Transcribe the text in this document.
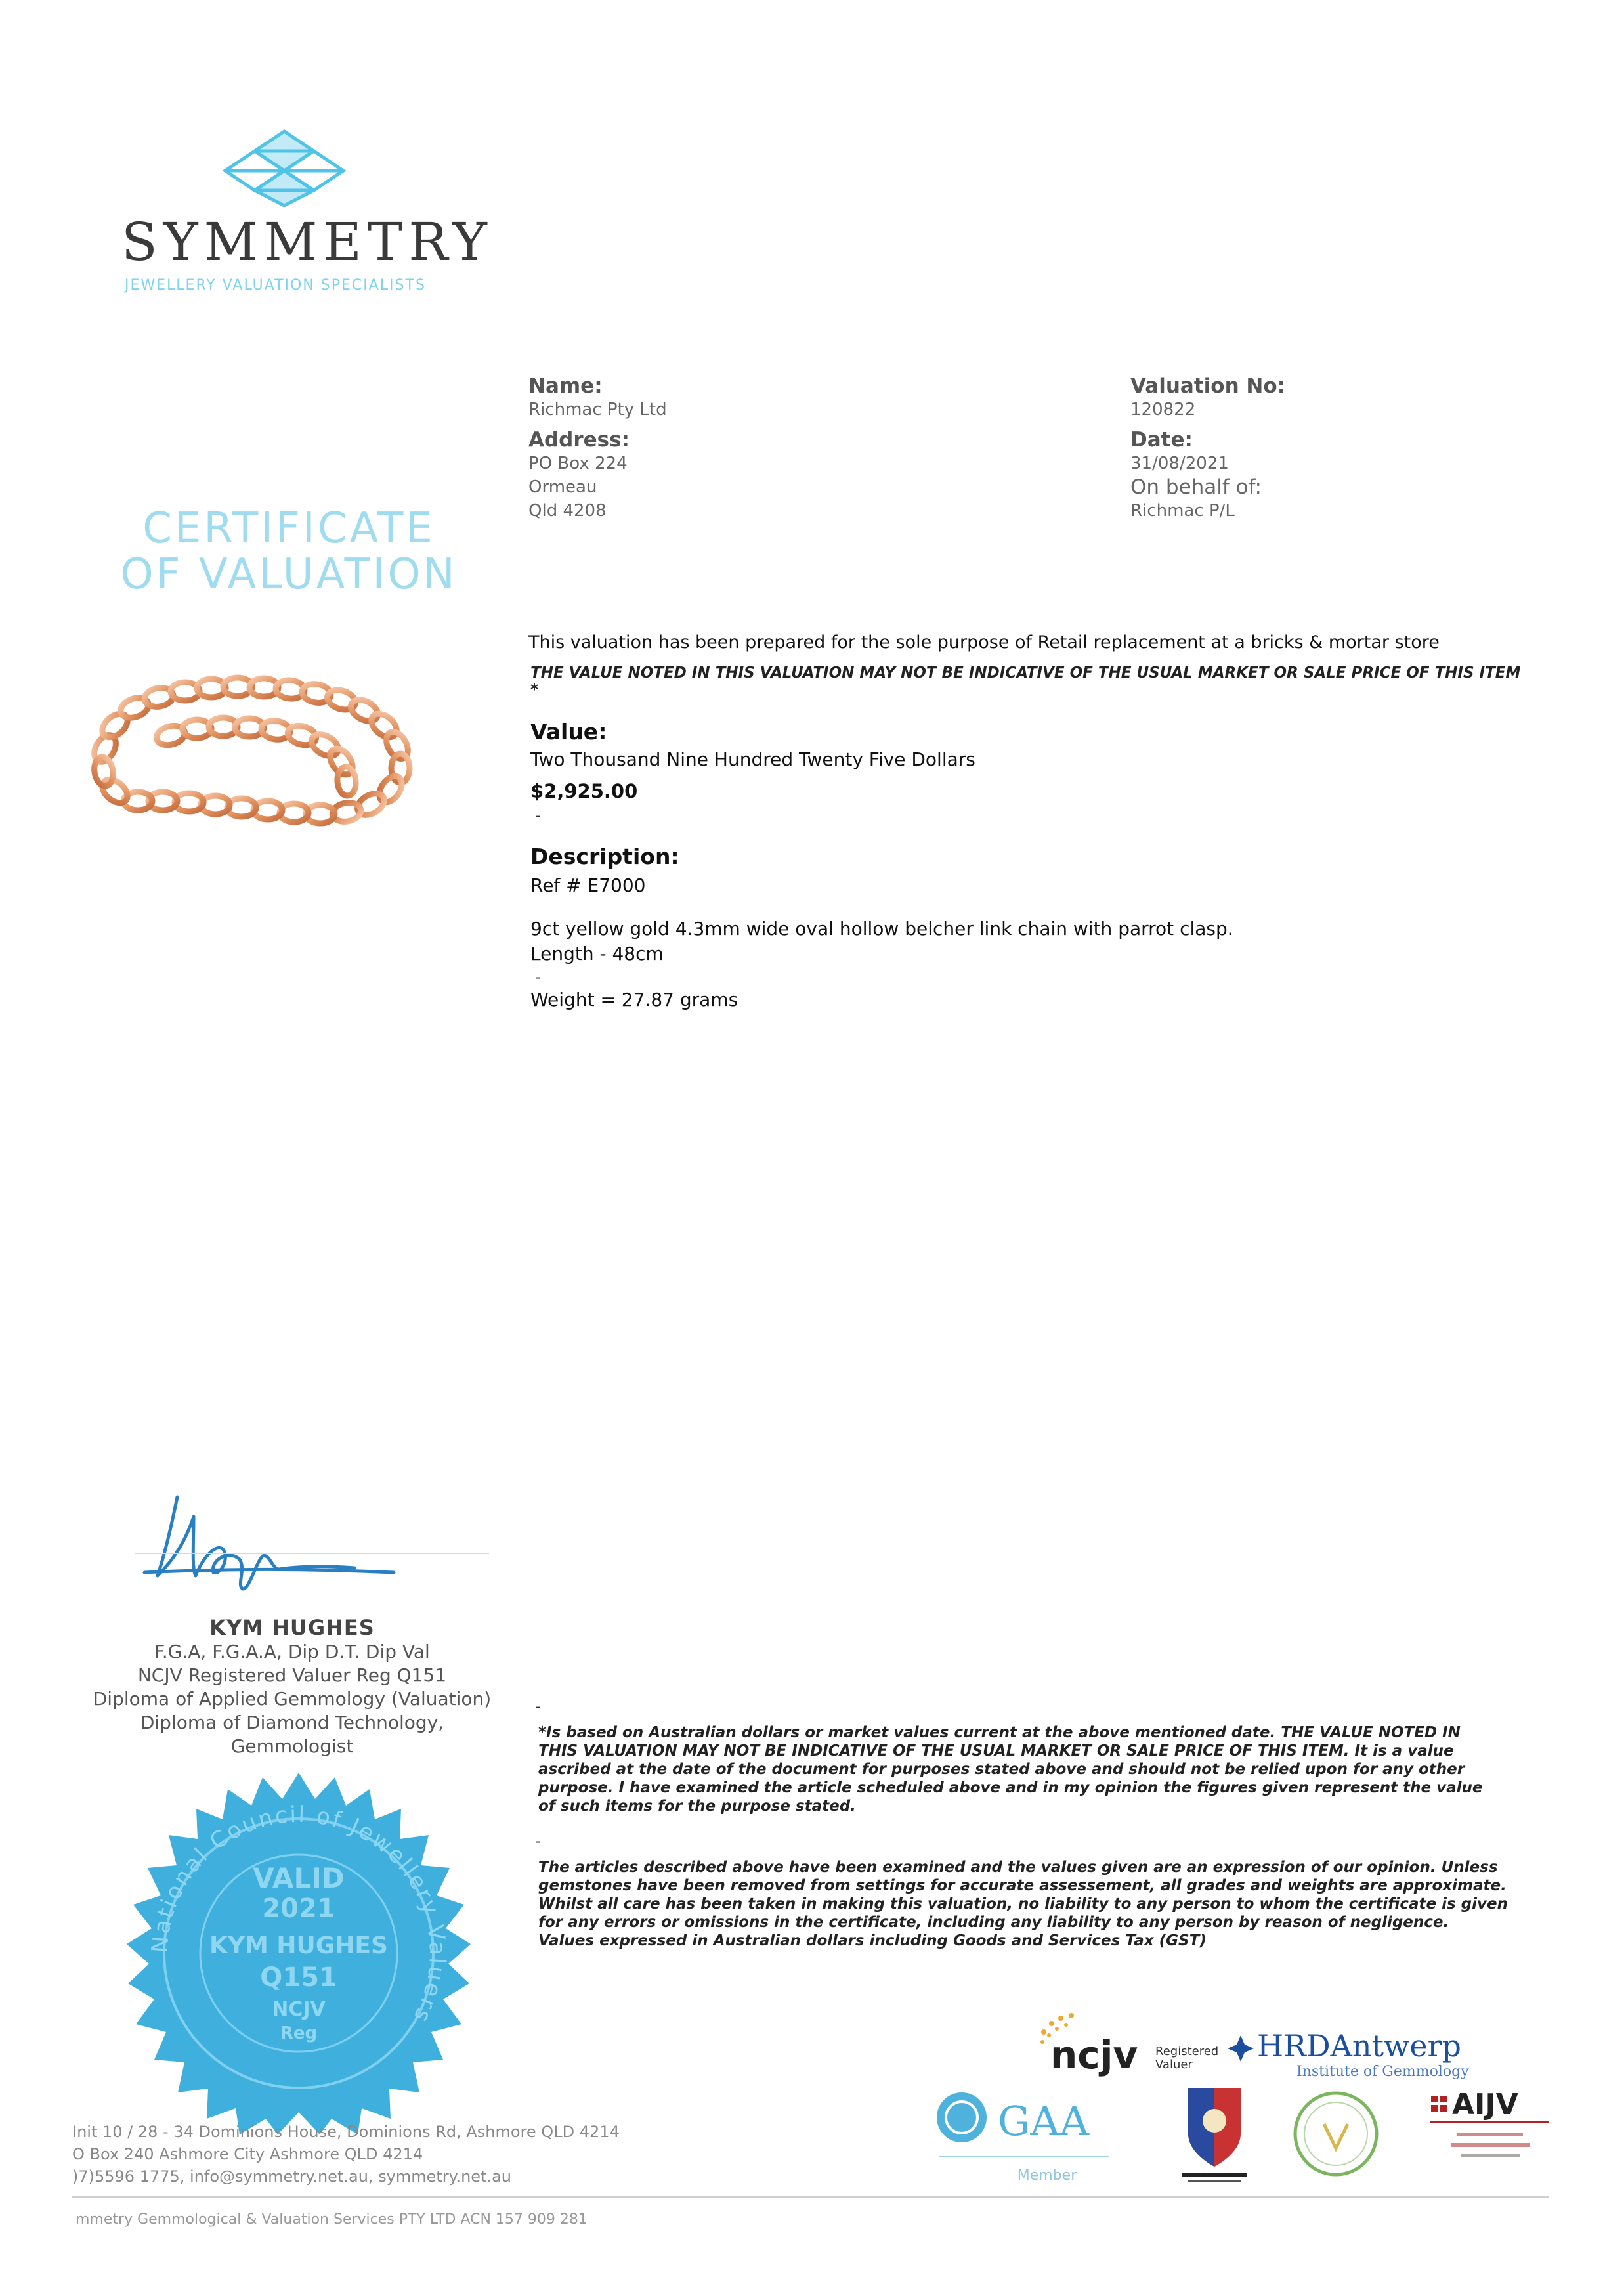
SYMMETRY
JEWELLERY VALUATION SPECIALISTS
CERTIFICATE
OF VALUATION
Name:
Richmac Pty Ltd
Address:
PO Box 224
Ormeau
Qld 4208
Valuation No:
120822
Date:
31/08/2021
On behalf of:
Richmac P/L
This valuation has been prepared for the sole purpose of Retail replacement at a bricks & mortar store
THE VALUE NOTED IN THIS VALUATION MAY NOT BE INDICATIVE OF THE USUAL MARKET OR SALE PRICE OF THIS ITEM *
Value:
Two Thousand Nine Hundred Twenty Five Dollars
$2,925.00
-
Description:
Ref # E7000
9ct yellow gold 4.3mm wide oval hollow belcher link chain with parrot clasp.
Length - 48cm
-
Weight = 27.87 grams
KYM HUGHES
F.G.A, F.G.A.A, Dip D.T. Dip Val
NCJV Registered Valuer Reg Q151
Diploma of Applied Gemmology (Valuation)
Diploma of Diamond Technology,
Gemmologist
National Council of Jewellery Valuers
VALID
2021
KYM HUGHES
Q151
NCJV
Reg
-
*Is based on Australian dollars or market values current at the above mentioned date. THE VALUE NOTED IN THIS VALUATION MAY NOT BE INDICATIVE OF THE USUAL MARKET OR SALE PRICE OF THIS ITEM. It is a value ascribed at the date of the document for purposes stated above and should not be relied upon for any other purpose. I have examined the article scheduled above and in my opinion the figures given represent the value of such items for the purpose stated.
-
The articles described above have been examined and the values given are an expression of our opinion. Unless gemstones have been removed from settings for accurate assessement, all grades and weights are approximate. Whilst all care has been taken in making this valuation, no liability to any person to whom the certificate is given for any errors or omissions in the certificate, including any liability to any person by reason of negligence. Values expressed in Australian dollars including Goods and Services Tax (GST)
ncjv Registered
Valuer
HRDAntwerp
Institute of Gemmology
GAA
Member
AIJV
Init 10 / 28 - 34 Dominions House, Dominions Rd, Ashmore QLD 4214
O Box 240 Ashmore City Ashmore QLD 4214
)7)5596 1775, info@symmetry.net.au, symmetry.net.au
mmetry Gemmological & Valuation Services PTY LTD ACN 157 909 281
